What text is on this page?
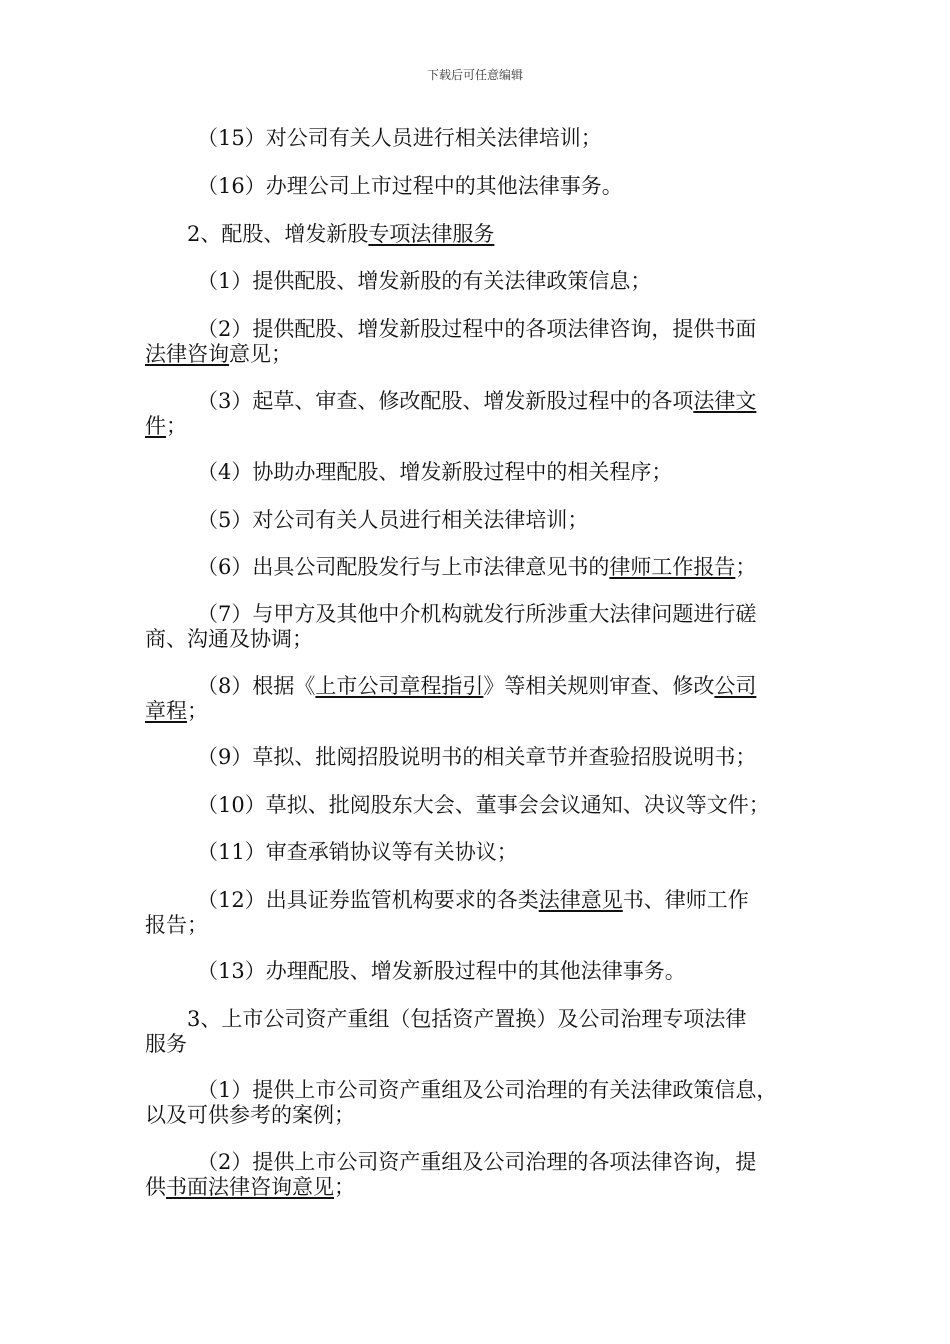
下载后可任意编辑
（15）对公司有关人员进行相关法律培训；
（16）办理公司上市过程中的其他法律事务。
2、配股、增发新股专项法律服务
（1）提供配股、增发新股的有关法律政策信息；
（2）提供配股、增发新股过程中的各项法律咨询，提供书面
法律咨询意见；
（3）起草、审查、修改配股、增发新股过程中的各项法律文
件；
（4）协助办理配股、增发新股过程中的相关程序；
（5）对公司有关人员进行相关法律培训；
（6）出具公司配股发行与上市法律意见书的律师工作报告；
（7）与甲方及其他中介机构就发行所涉重大法律问题进行磋
商、沟通及协调；
（8）根据《上市公司章程指引》等相关规则审查、修改公司
章程；
（9）草拟、批阅招股说明书的相关章节并查验招股说明书；
（10）草拟、批阅股东大会、董事会会议通知、决议等文件；
（11）审查承销协议等有关协议；
（12）出具证券监管机构要求的各类法律意见书、律师工作
报告；
（13）办理配股、增发新股过程中的其他法律事务。
3、上市公司资产重组（包括资产置换）及公司治理专项法律
服务
（1）提供上市公司资产重组及公司治理的有关法律政策信息，
以及可供参考的案例；
（2）提供上市公司资产重组及公司治理的各项法律咨询，提
供书面法律咨询意见；
